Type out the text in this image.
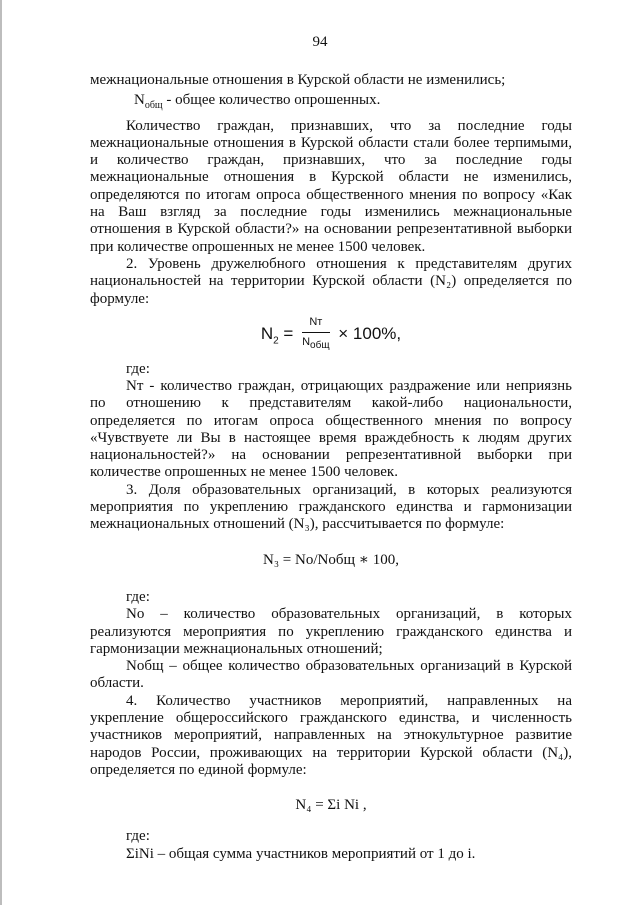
94

межнациональные отношения в Курской области не изменились;

$N_{общ}$ - общее количество опрошенных.

Количество граждан, признавших, что за последние годы межнациональные отношения в Курской области стали более терпимыми, и количество граждан, признавших, что за последние годы межнациональные отношения в Курской области не изменились, определяются по итогам опроса общественного мнения по вопросу «Как на Ваш взгляд за последние годы изменились межнациональные отношения в Курской области?» на основании репрезентативной выборки при количестве опрошенных не менее 1500 человек.

2. Уровень дружелюбного отношения к представителям других национальностей на территории Курской области (N₂) определяется по формуле:

$N_2 = \frac{Nт}{N_{общ}} \times 100\%$,

где:

Nт - количество граждан, отрицающих раздражение или неприязнь по отношению к представителям какой-либо национальности, определяется по итогам опроса общественного мнения по вопросу «Чувствуете ли Вы в настоящее время враждебность к людям других национальностей?» на основании репрезентативной выборки при количестве опрошенных не менее 1500 человек.

3. Доля образовательных организаций, в которых реализуются мероприятия по укреплению гражданского единства и гармонизации межнациональных отношений (N₃), рассчитывается по формуле:

N₃ = Nо/Nобщ ∗ 100,

где:

Nо – количество образовательных организаций, в которых реализуются мероприятия по укреплению гражданского единства и гармонизации межнациональных отношений;

Nобщ – общее количество образовательных организаций в Курской области.

4. Количество участников мероприятий, направленных на укрепление общероссийского гражданского единства, и численность участников мероприятий, направленных на этнокультурное развитие народов России, проживающих на территории Курской области (N₄), определяется по единой формуле:

N₄ = Σi Ni ,

где:

ΣiNi – общая сумма участников мероприятий от 1 до i.
